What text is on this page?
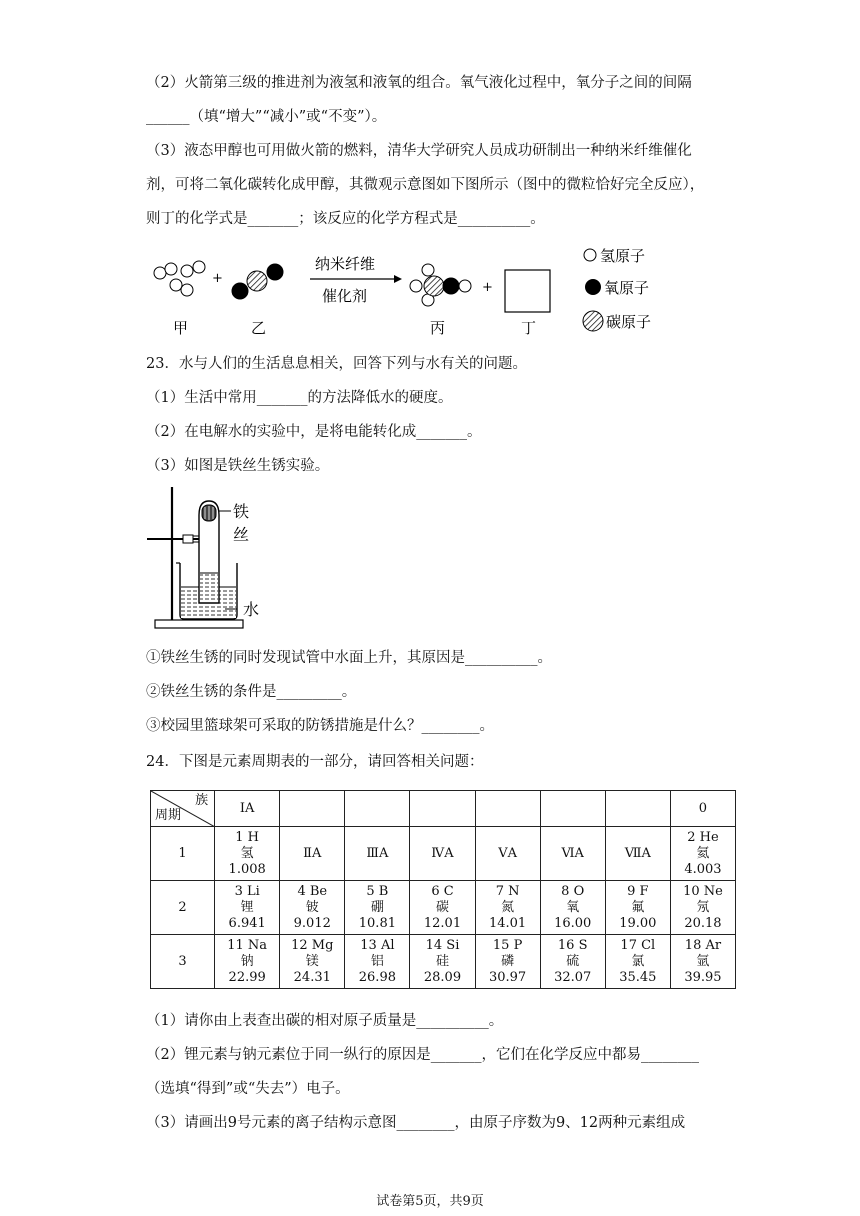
（2）火箭第三级的推进剂为液氢和液氧的组合。氧气液化过程中，氧分子之间的间隔
______（填“增大”“减小”或“不变”）。
（3）液态甲醇也可用做火箭的燃料，清华大学研究人员成功研制出一种纳米纤维催化
剂，可将二氧化碳转化成甲醇，其微观示意图如下图所示（图中的微粒恰好完全反应），
则丁的化学式是_______；该反应的化学方程式是__________。
+
纳米纤维
催化剂	+
甲	乙	丙	丁
氢原子
氧原子
碳原子
23．水与人们的生活息息相关，回答下列与水有关的问题。
（1）生活中常用_______的方法降低水的硬度。
（2）在电解水的实验中，是将电能转化成_______。
（3）如图是铁丝生锈实验。
铁
丝
水
①铁丝生锈的同时发现试管中水面上升，其原因是__________。
②铁丝生锈的条件是_________。
③校园里篮球架可采取的防锈措施是什么？________。
24．下图是元素周期表的一部分，请回答相关问题：
族
周期	ⅠA							0
1	1 H
氢
1.008	ⅡA	ⅢA	ⅣA	ⅤA	ⅥA	ⅦA	2 He
氦
4.003

2	3 Li
锂
6.941	4 Be
铍
9.012	5 B
硼
10.81	6 C
碳
12.01	7 N
氮
14.01	8 O
氧
16.00	9 F
氟
19.00	10 Ne
氖
20.18

3	11 Na
钠
22.99	12 Mg
镁
24.31	13 Al
铝
26.98	14 Si
硅
28.09	15 P
磷
30.97	16 S
硫
32.07	17 Cl
氯
35.45	18 Ar
氩
39.95
（1）请你由上表查出碳的相对原子质量是__________。
（2）锂元素与钠元素位于同一纵行的原因是_______，它们在化学反应中都易________
（选填“得到”或“失去”）电子。
（3）请画出9号元素的离子结构示意图________，由原子序数为9、12两种元素组成
试卷第5页，共9页
